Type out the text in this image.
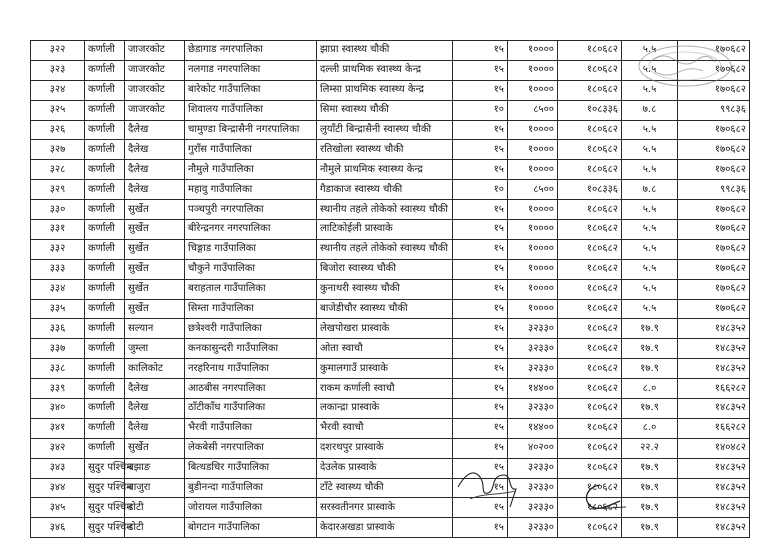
३२२	कर्णाली	जाजरकोट	छेडागाड नगरपालिका	झाप्रा स्वास्थ्य चौकी	१५	१००००	१८०६८२	५.५	१७०६८२
३२३	कर्णाली	जाजरकोट	नलगाड नगरपालिका	दल्ली प्राथमिक स्वास्थ्य केन्द्र	१५	१००००	१८०६८२	५.५	१७०६८२
३२४	कर्णाली	जाजरकोट	बारेकोट गाउँपालिका	लिम्सा प्राथमिक स्वास्थ्य केन्द्र	१५	१००००	१८०६८२	५.५	१७०६८२
३२५	कर्णाली	जाजरकोट	शिवालय गाउँपालिका	सिमा स्वास्थ्य चौकी	१०	८५००	१०८३३६	७.८	९९८३६
३२६	कर्णाली	दैलेख	चामुण्डा बिन्द्रासैनी नगरपालिका	लुयाँटी बिन्द्रासैनी स्वास्थ्य चौकी	१५	१००००	१८०६८२	५.५	१७०६८२
३२७	कर्णाली	दैलेख	गुराँस गाउँपालिका	रतिखोला स्वास्थ्य चौकी	१५	१००००	१८०६८२	५.५	१७०६८२
३२८	कर्णाली	दैलेख	नौमुले गाउँपालिका	नौमुले प्राथमिक स्वास्थ्य केन्द्र	१५	१००००	१८०६८२	५.५	१७०६८२
३२९	कर्णाली	दैलेख	महावु गाउँपालिका	गैडाकाज स्वास्थ्य चौकी	१०	८५००	१०८३३६	७.८	९९८३६
३३०	कर्णाली	सुर्खेत	पञ्चपुरी नगरपालिका	स्थानीय तहले तोकेको स्वास्थ्य चौकी	१५	१००००	१८०६८२	५.५	१७०६८२
३३१	कर्णाली	सुर्खेत	बीरेन्द्रनगर नगरपालिका	लाटिकोईली प्रास्वाके	१५	१००००	१८०६८२	५.५	१७०६८२
३३२	कर्णाली	सुर्खेत	चिङ्गाड गाउँपालिका	स्थानीय तहले तोकेको स्वास्थ्य चौकी	१५	१००००	१८०६८२	५.५	१७०६८२
३३३	कर्णाली	सुर्खेत	चौकुने गाउँपालिका	बिजोरा स्वास्थ्य चौकी	१५	१००००	१८०६८२	५.५	१७०६८२
३३४	कर्णाली	सुर्खेत	बराहताल गाउँपालिका	कुनाथरी स्वास्थ्य चौकी	१५	१००००	१८०६८२	५.५	१७०६८२
३३५	कर्णाली	सुर्खेत	सिम्ता गाउँपालिका	बाजेडीचौर स्वास्थ्य चौकी	१५	१००००	१८०६८२	५.५	१७०६८२
३३६	कर्णाली	सल्यान	छत्रेश्वरी गाउँपालिका	लेखपोखरा प्रास्वाके	१५	३२३३०	१८०६८२	१७.९	१४८३५२
३३७	कर्णाली	जुम्ला	कनकासुन्दरी गाउँपालिका	ओता स्वाचौ	१५	३२३३०	१८०६८२	१७.९	१४८३५२
३३८	कर्णाली	कालिकोट	नरहरिनाथ गाउँपालिका	कुमालगाउँ प्रास्वाके	१५	३२३३०	१८०६८२	१७.९	१४८३५२
३३९	कर्णाली	दैलेख	आठबीस नगरपालिका	राकम कर्णाली स्वाचौ	१५	१४४००	१८०६८२	८.०	१६६२८२
३४०	कर्णाली	दैलेख	ठाँटीकाँध गाउँपालिका	लकान्द्रा प्रास्वाके	१५	३२३३०	१८०६८२	१७.९	१४८३५२
३४१	कर्णाली	दैलेख	भैरवी गाउँपालिका	भैरवी स्वाचौ	१५	१४४००	१८०६८२	८.०	१६६२८२
३४२	कर्णाली	सुर्खेत	लेकबेसी नगरपालिका	दशरथपुर प्रास्वाके	१५	४०२००	१८०६८२	२२.२	१४०४८२
३४३	सुदुर पश्चिम	बझाङ	बित्थडचिर गाउँपालिका	देउलेक प्रास्वाके	१५	३२३३०	१८०६८२	१७.९	१४८३५२
३४४	सुदुर पश्चिम	बाजुरा	बुडीनन्दा गाउँपालिका	टाँटे स्वास्थ्य चौकी	१५	३२३३०	१८०६८२	१७.९	१४८३५२
३४५	सुदुर पश्चिम	डोटी	जोरायल गाउँपालिका	सरस्वतीनगर प्रास्वाके	१५	३२३३०	१८०६८२	१७.९	१४८३५२
३४६	सुदुर पश्चिम	डोटी	बोगटान गाउँपालिका	केदारअखडा प्रास्वाके	१५	३२३३०	१८०६८२	१७.९	१४८३५२
